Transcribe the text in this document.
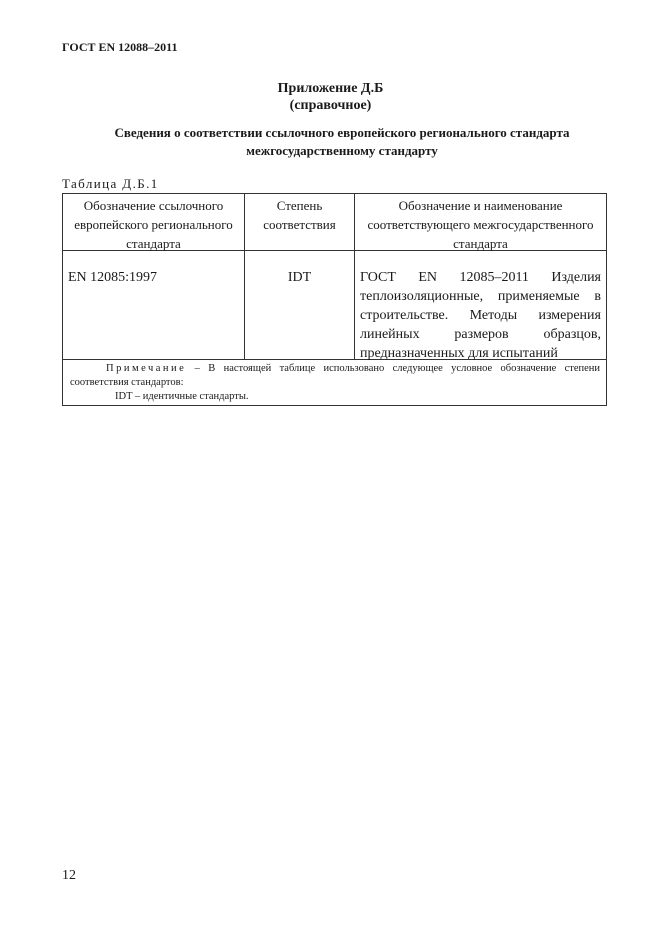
ГОСТ EN 12088–2011
Приложение Д.Б
(справочное)
Сведения о соответствии ссылочного европейского регионального стандарта межгосударственному стандарту
Таблица Д.Б.1
Обозначение ссылочного европейского регионального стандарта
Степень соответствия
Обозначение и наименование соответствующего межгосударственного стандарта
EN 12085:1997	IDT	ГОСТ EN 12085–2011 Изделия теплоизоляционные, применяемые в строительстве. Методы измерения линейных размеров образцов, предназначенных для испытаний

Примечание – В настоящей таблице использовано следующее условное обозначение степени соответствия стандартов:

IDT – идентичные стандарты.

12
